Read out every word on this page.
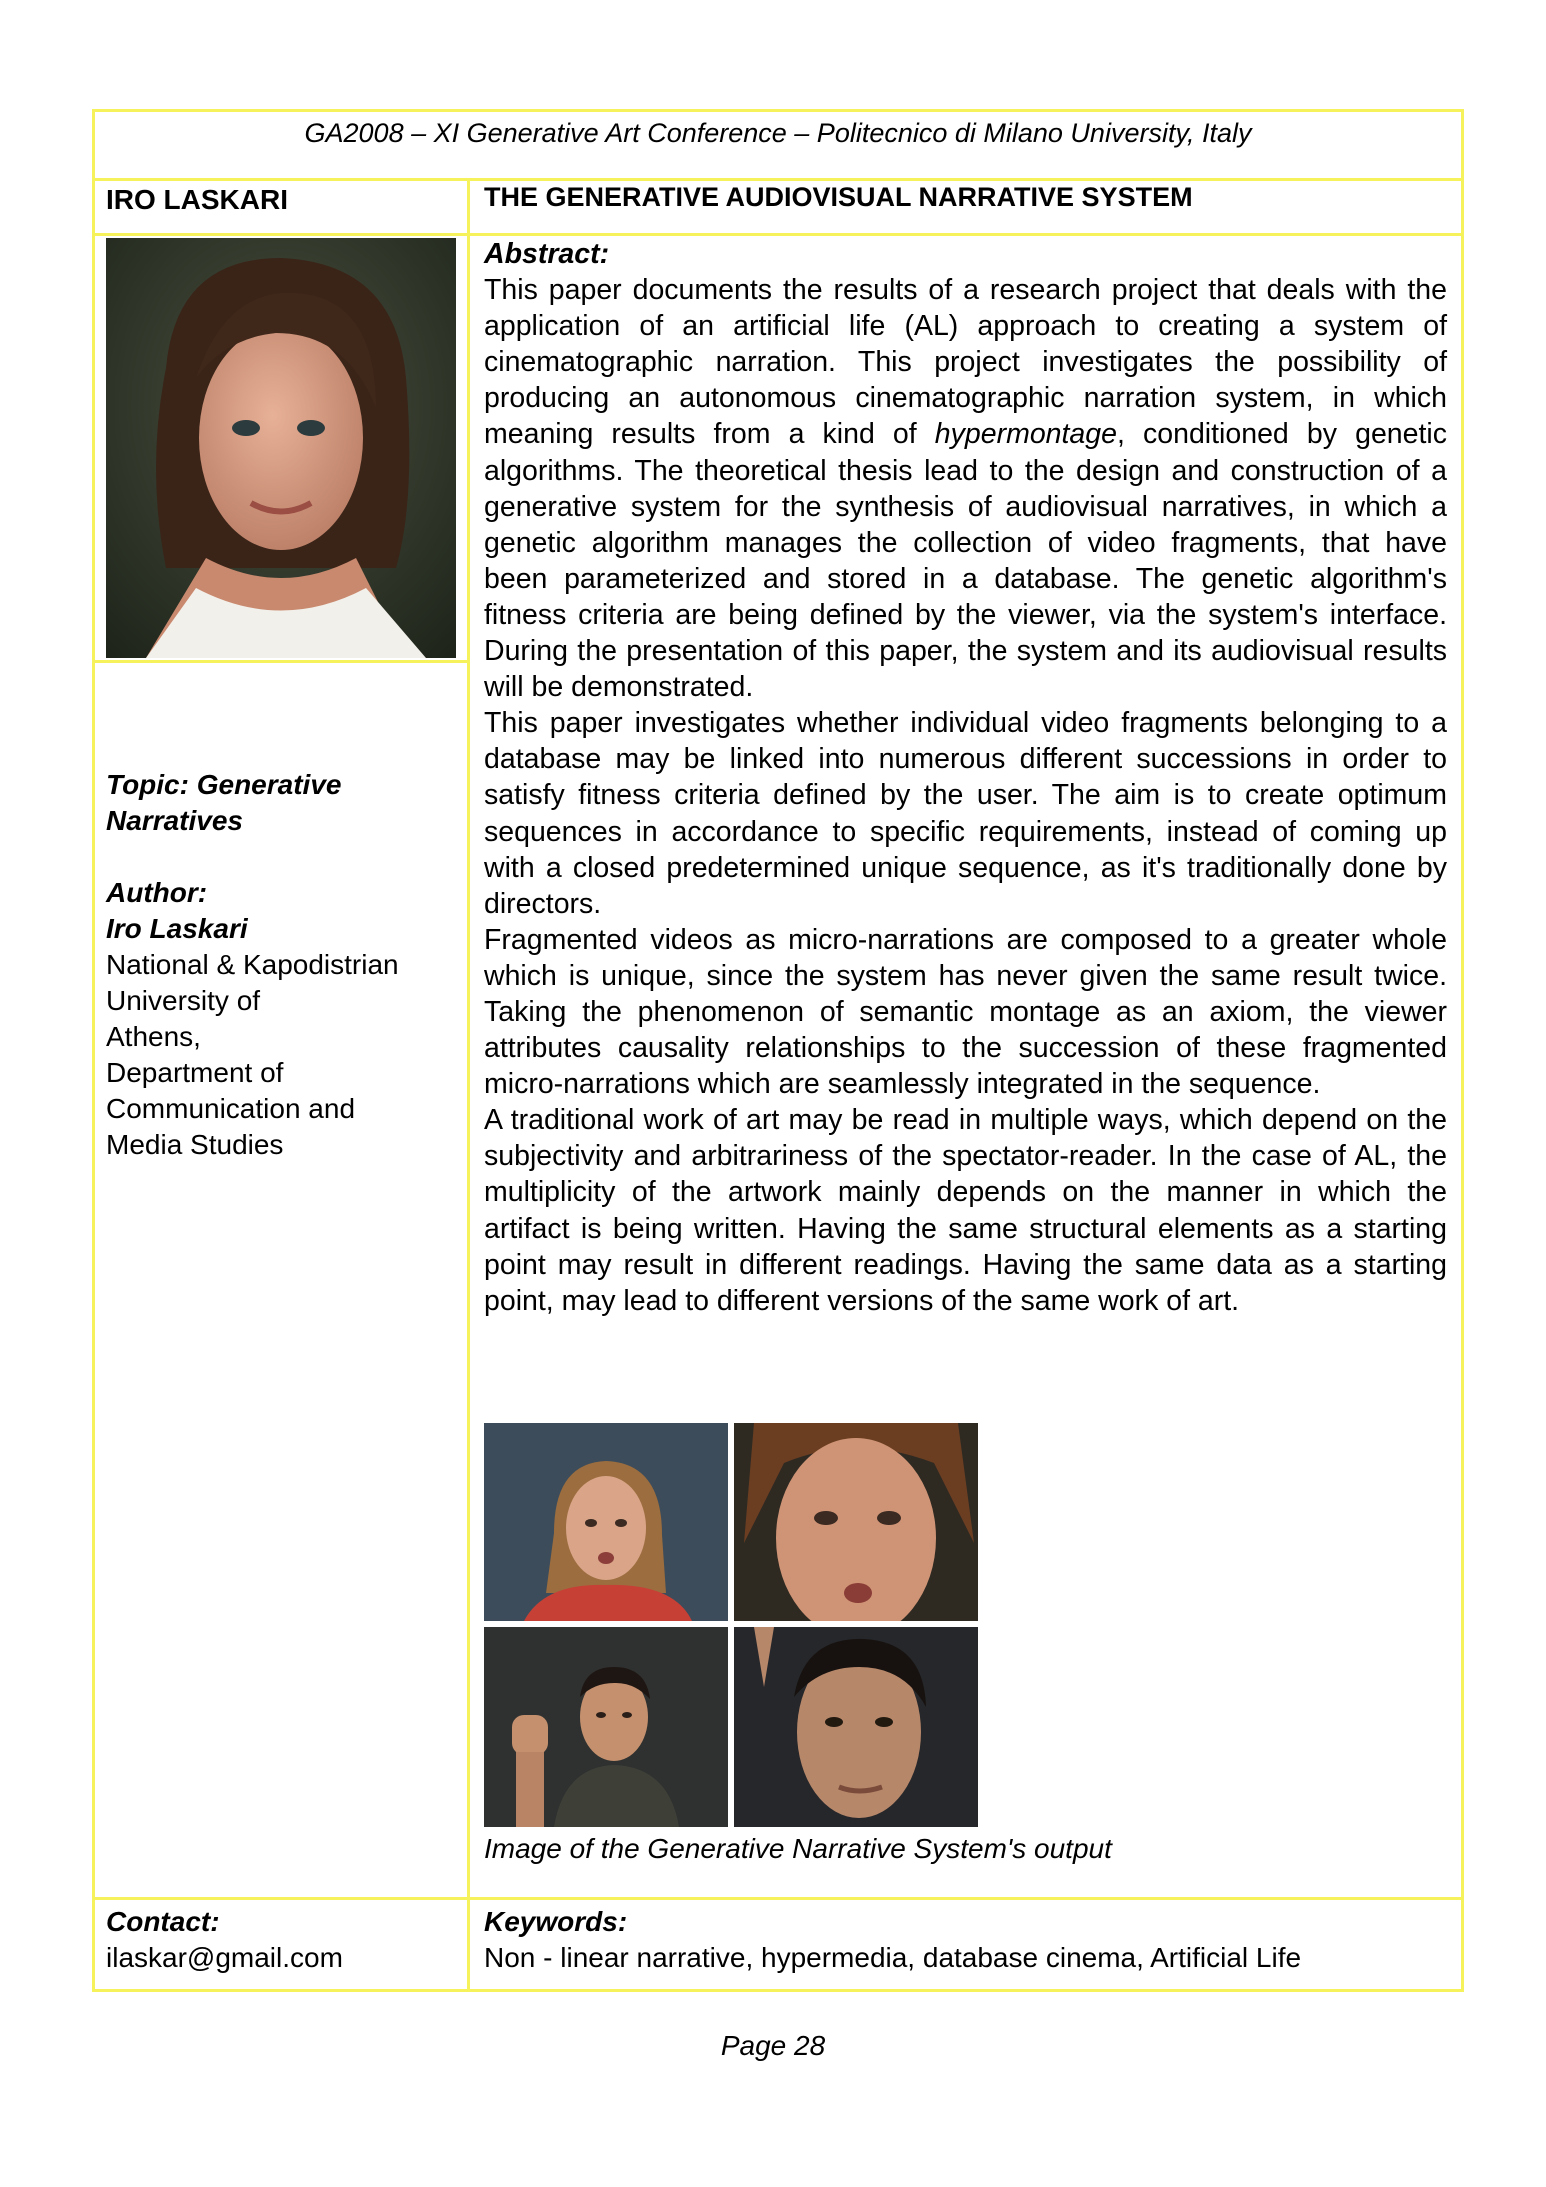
GA2008 – XI Generative Art Conference – Politecnico di Milano University, Italy
IRO LASKARI	THE GENERATIVE AUDIOVISUAL NARRATIVE SYSTEM
Topic: Generative Narratives
Author:
Iro Laskari
National & Kapodistrian
University of
Athens,
Department of
Communication and
Media Studies
Abstract:

This paper documents the results of a research project that deals with the application of an artificial life (AL) approach to creating a system of cinematographic narration. This project investigates the possibility of producing an autonomous cinematographic narration system, in which meaning results from a kind of hypermontage, conditioned by genetic algorithms. The theoretical thesis lead to the design and construction of a generative system for the synthesis of audiovisual narratives, in which a genetic algorithm manages the collection of video fragments, that have been parameterized and stored in a database. The genetic algorithm's fitness criteria are being defined by the viewer, via the system's interface. During the presentation of this paper, the system and its audiovisual results will be demonstrated.

This paper investigates whether individual video fragments belonging to a database may be linked into numerous different successions in order to satisfy fitness criteria defined by the user. The aim is to create optimum sequences in accordance to specific requirements, instead of coming up with a closed predetermined unique sequence, as it's traditionally done by directors.

Fragmented videos as micro-narrations are composed to a greater whole which is unique, since the system has never given the same result twice. Taking the phenomenon of semantic montage as an axiom, the viewer attributes causality relationships to the succession of these fragmented micro-narrations which are seamlessly integrated in the sequence.

A traditional work of art may be read in multiple ways, which depend on the subjectivity and arbitrariness of the spectator-reader. In the case of AL, the multiplicity of the artwork mainly depends on the manner in which the artifact is being written. Having the same structural elements as a starting point may result in different readings. Having the same data as a starting point, may lead to different versions of the same work of art.

Image of the Generative Narrative System's output
Contact:
ilaskar@gmail.com
Keywords:
Non - linear narrative, hypermedia, database cinema, Artificial Life
Page 28
